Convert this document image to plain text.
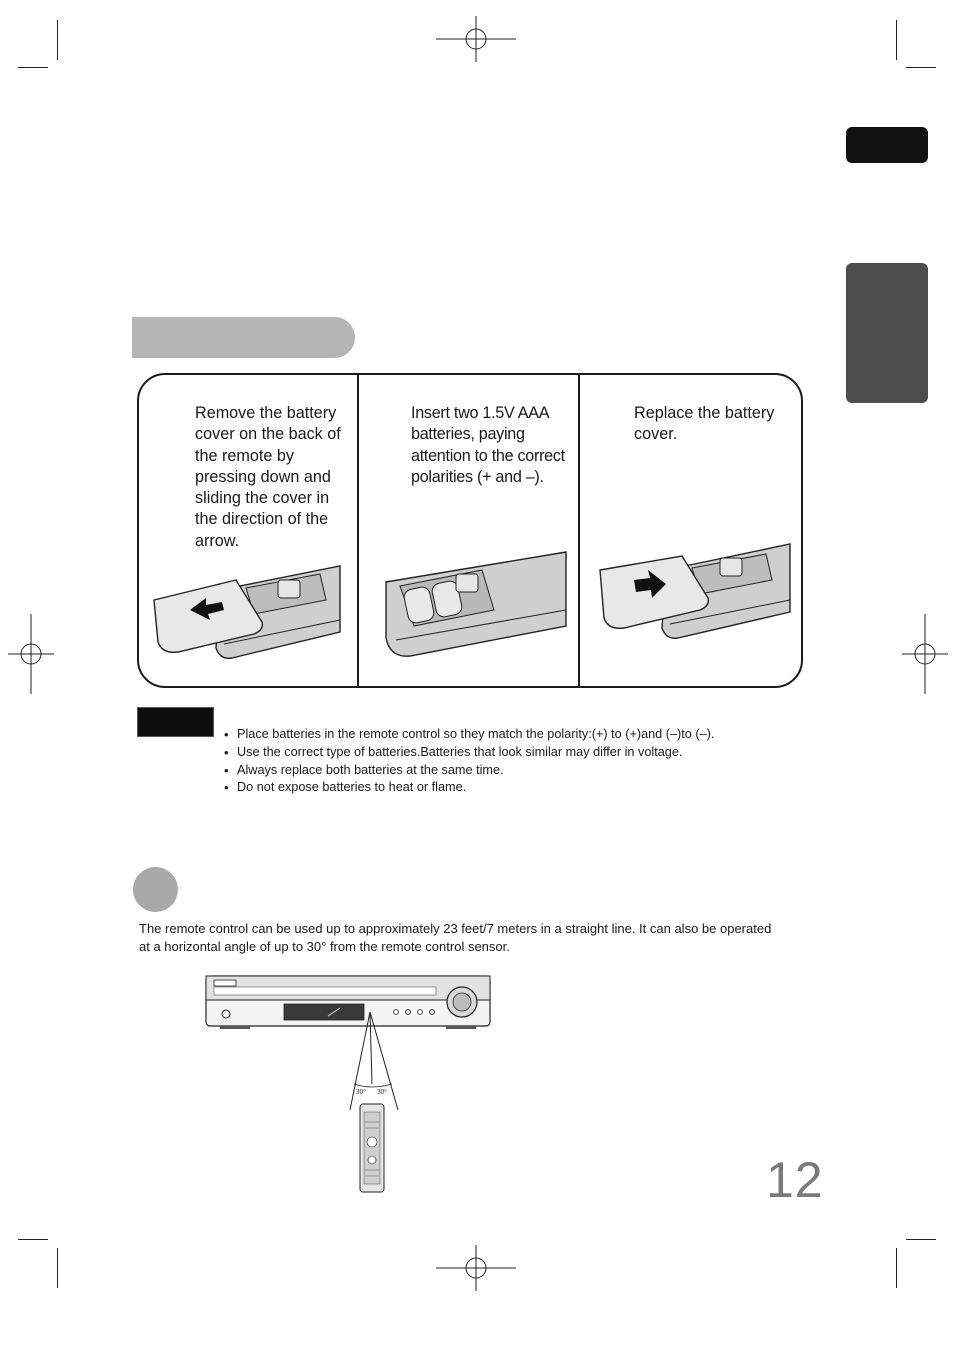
Remove the battery cover on the back of the remote by pressing down and sliding the cover in the direction of the arrow.
Insert two 1.5V AAA batteries, paying attention to the correct polarities (+ and –).
Replace the battery cover.
• Place batteries in the remote control so they match the polarity:(+) to (+)and (–)to (–).
• Use the correct type of batteries.Batteries that look similar may differ in voltage.
• Always replace both batteries at the same time.
• Do not expose batteries to heat or flame.
The remote control can be used up to approximately 23 feet/7 meters in a straight line. It can also be operated at a horizontal angle of up to 30° from the remote control sensor.
30° 30°
12
